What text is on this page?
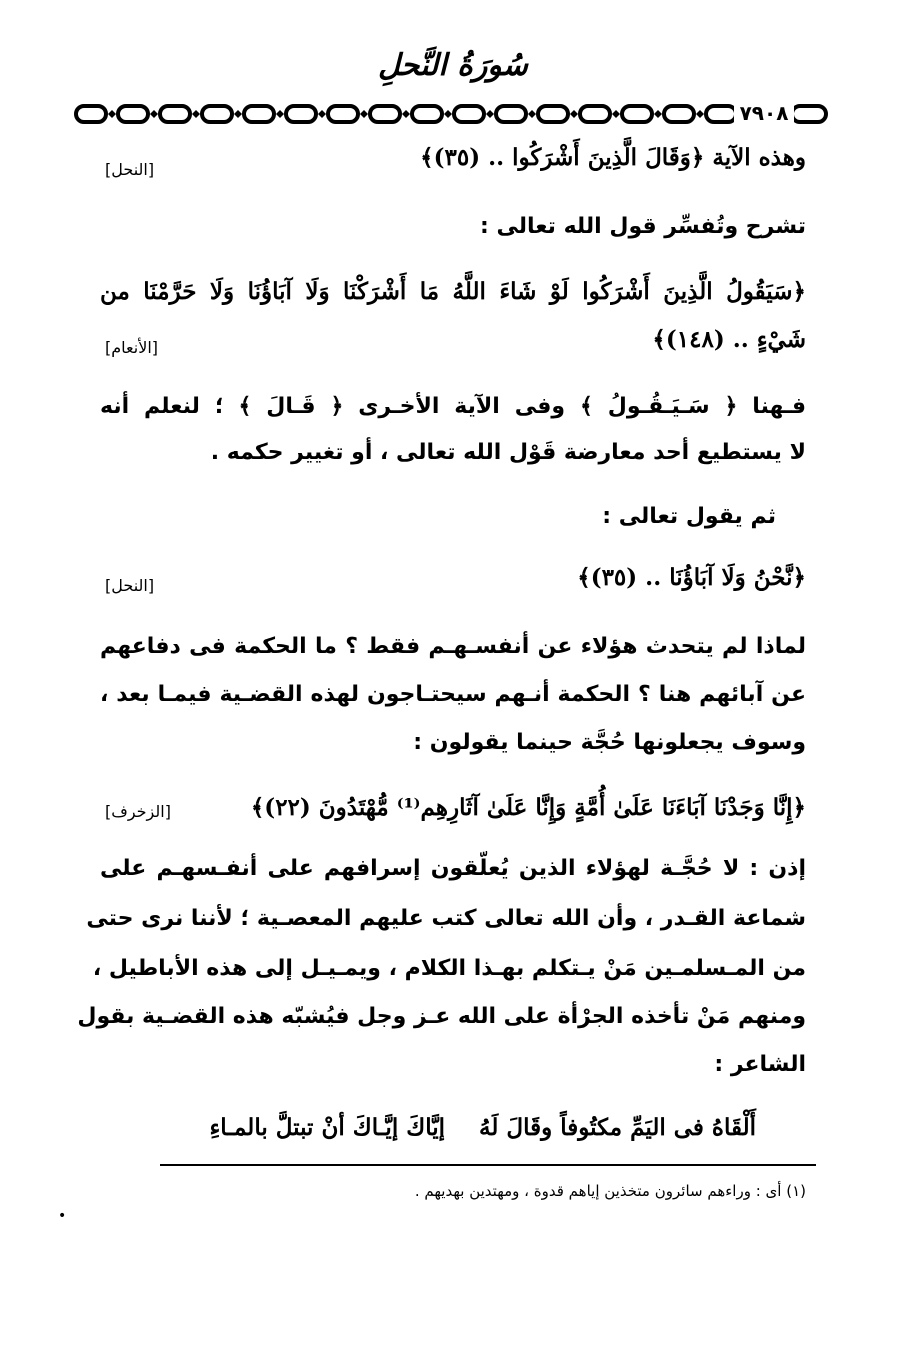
سُورَةُ النَّحلِ
٧٩٠٨
وهذه الآية ﴿وَقَالَ الَّذِينَ أَشْرَكُوا .. (٣٥)﴾
[النحل]
تشرح وتُفسِّر قول الله تعالى :
﴿سَيَقُولُ الَّذِينَ أَشْرَكُوا لَوْ شَاءَ اللَّهُ مَا أَشْرَكْنَا وَلَا آبَاؤُنَا وَلَا حَرَّمْنَا من
شَيْءٍ .. (١٤٨)﴾
[الأنعام]
فـهنا ﴿ سَـيَـقُـولُ ﴾ وفى الآية الأخـرى ﴿ قَـالَ ﴾ ؛ لنعلم أنه
لا يستطيع أحد معارضة قَوْل الله تعالى ، أو تغيير حكمه .
ثم يقول تعالى :
﴿نَّحْنُ وَلَا آبَاؤُنَا .. (٣٥)﴾
[النحل]
لماذا لم يتحدث هؤلاء عن أنفسـهـم فقط ؟ ما الحكمة فى دفاعهم
عن آبائهم هنا ؟ الحكمة أنـهم سيحتـاجون لهذه القضـية فيمـا بعد ،
وسوف يجعلونها حُجَّة حينما يقولون :
﴿إِنَّا وَجَدْنَا آبَاءَنَا عَلَىٰ أُمَّةٍ وَإِنَّا عَلَىٰ آثَارِهِم⁽¹⁾ مُّهْتَدُونَ (٢٢)﴾
[الزخرف]
إذن : لا حُجَّـة لهؤلاء الذين يُعلّقون إسرافهم على أنفـسهـم على
شماعة القـدر ، وأن الله تعالى كتب عليهم المعصـية ؛ لأننا نرى حتى
من المـسلمـين مَنْ يـتكلم بهـذا الكلام ، ويمـيـل إلى هذه الأباطيل ،
ومنهم مَنْ تأخذه الجرْأة على الله عـز وجل فيُشبّه هذه القضـية بقول
الشاعر :
أَلْقَاهُ فى اليَمِّ مكتُوفاً وقَالَ لَهُ
إيَّاكَ إيَّـاكَ أنْ تبتلَّ بالمـاءِ
(١) أى : وراءهم سائرون متخذين إياهم قدوة ، ومهتدين بهديهم .
•
